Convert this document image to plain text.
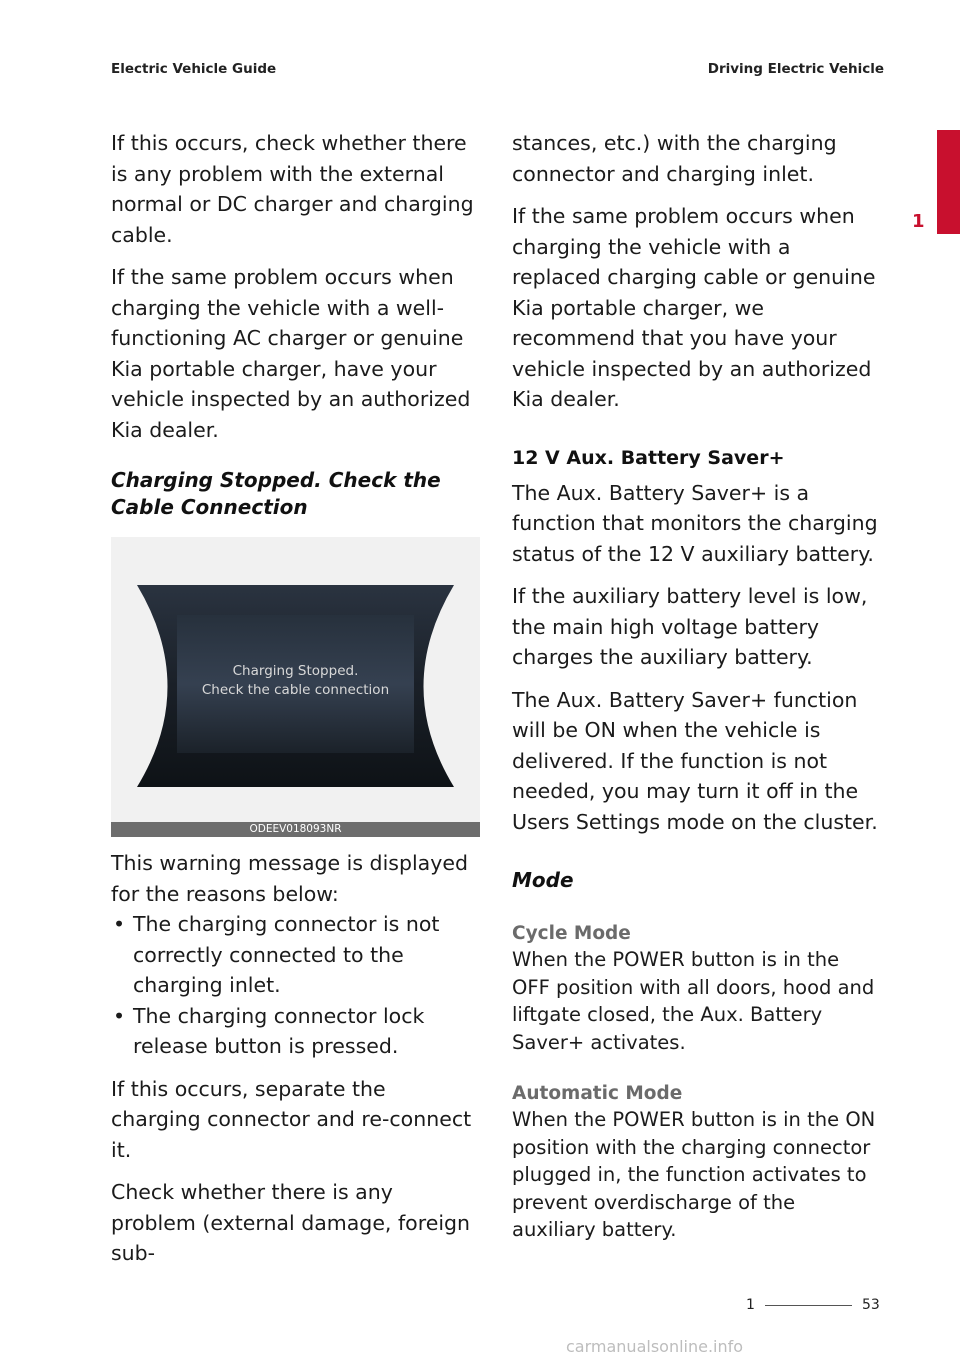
Electric Vehicle Guide	Driving Electric Vehicle
1

If this occurs, check whether there is any problem with the external normal or DC charger and charging cable.

If the same problem occurs when charging the vehicle with a well-functioning AC charger or genuine Kia portable charger, have your vehicle inspected by an authorized Kia dealer.

Charging Stopped. Check the Cable Connection
Charging Stopped.
Check the cable connection
ODEEV018093NR

This warning message is displayed for the reasons below:

• The charging connector is not correctly connected to the charging inlet.
• The charging connector lock release button is pressed.

If this occurs, separate the charging connector and re-connect it.

Check whether there is any problem (external damage, foreign sub-

stances, etc.) with the charging connector and charging inlet.

If the same problem occurs when charging the vehicle with a replaced charging cable or genuine Kia portable charger, we recommend that you have your vehicle inspected by an authorized Kia dealer.

12 V Aux. Battery Saver+

The Aux. Battery Saver+ is a function that monitors the charging status of the 12 V auxiliary battery.

If the auxiliary battery level is low, the main high voltage battery charges the auxiliary battery.

The Aux. Battery Saver+ function will be ON when the vehicle is delivered. If the function is not needed, you may turn it off in the Users Settings mode on the cluster.

Mode
Cycle Mode

When the POWER button is in the OFF position with all doors, hood and liftgate closed, the Aux. Battery Saver+ activates.

Automatic Mode

When the POWER button is in the ON position with the charging connector plugged in, the function activates to prevent overdischarge of the auxiliary battery.

1	53
carmanualsonline.info
